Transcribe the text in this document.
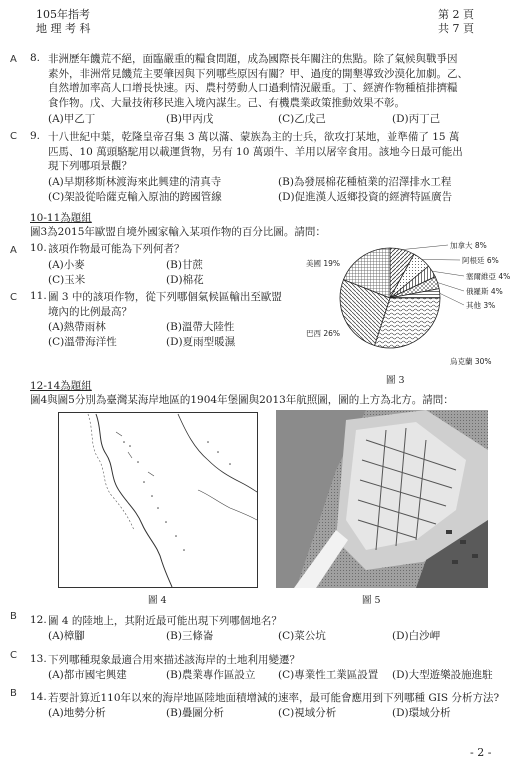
105年指考
地 理 考 科
第 2 頁
共 7 頁
A 8. 非洲歷年饑荒不絕，面臨嚴重的糧食問題，成為國際長年關注的焦點。除了氣候與戰爭因
素外，非洲常見饑荒主要肇因與下列哪些原因有關？甲、過度的開墾導致沙漠化加劇。乙、
自然增加率高人口增長快速。丙、農村勞動人口過剩情況嚴重。丁、經濟作物種植排擠糧
食作物。戊、大量技術移民進入境內謀生。己、有機農業政策推動效果不彰。
(A)甲乙丁	(B)甲丙戊	(C)乙戊己	(D)丙丁己
C 9. 十八世紀中葉，乾隆皇帝召集 3 萬以滿、蒙族為主的士兵，欲攻打某地，並準備了 15 萬
匹馬、10 萬頭駱駝用以載運貨物，另有 10 萬頭牛、羊用以屠宰食用。該地今日最可能出
現下列哪項景觀？
(A)早期移斯林渡海來此興建的清真寺	(B)為發展棉花種植業的沼澤排水工程
(C)架設從哈薩克輸入原油的跨國管線	(D)促進漢人返鄉投資的經濟特區廣告
10-11為題組
圖3為2015年歐盟自境外國家輸入某項作物的百分比圖。請問：
A 10. 該項作物最可能為下列何者？
(A)小麥	(B)甘蔗
(C)玉米	(D)棉花
C 11. 圖 3 中的該項作物，從下列哪個氣候區輸出至歐盟
境內的比例最高？
(A)熱帶雨林	(B)溫帶大陸性
(C)溫帶海洋性	(D)夏雨型暖濕
加拿大 8%
阿根廷 6%
塞爾維亞 4%
俄羅斯 4%
其他 3%
烏克蘭 30%
巴西 26%
美國 19%
圖 3
12-14為題組
圖4與圖5分別為臺灣某海岸地區的1904年堡圖與2013年航照圖，圖的上方為北方。請問：
圖 4	圖 5
B 12. 圖 4 的陸地上，其附近最可能出現下列哪個地名？
(A)樟腳	(B)三條崙	(C)菜公坑	(D)白沙岬
C 13. 下列哪種現象最適合用來描述該海岸的土地利用變遷？
(A)都市國宅興建	(B)農業專作區設立 (C)專業性工業區設置 (D)大型遊樂設施進駐
B 14. 若要計算近110年以來的海岸地區陸地面積增減的速率，最可能會應用到下列哪種 GIS 分析方法?
(A)地勢分析	(B)疊圖分析	(C)視域分析	(D)環域分析
- 2 -
